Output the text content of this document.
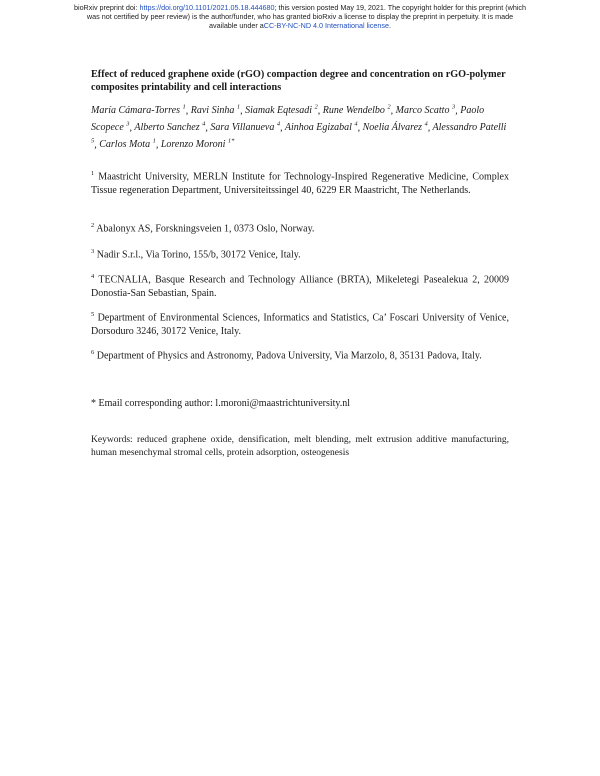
bioRxiv preprint doi: https://doi.org/10.1101/2021.05.18.444680; this version posted May 19, 2021. The copyright holder for this preprint (which
was not certified by peer review) is the author/funder, who has granted bioRxiv a license to display the preprint in perpetuity. It is made
available under aCC-BY-NC-ND 4.0 International license.
Effect of reduced graphene oxide (rGO) compaction degree and concentration on rGO-polymer composites printability and cell interactions
María Cámara-Torres $^1$, Ravi Sinha $^1$, Siamak Eqtesadi $^2$, Rune Wendelbo $^2$, Marco Scatto $^3$, Paolo Scopece $^3$, Alberto Sanchez $^4$, Sara Villanueva $^4$, Ainhoa Egizabal $^4$, Noelia Álvarez $^4$, Alessandro Patelli $^5$, Carlos Mota $^1$, Lorenzo Moroni $^{1*}$
$^1$ Maastricht University, MERLN Institute for Technology-Inspired Regenerative Medicine, Complex Tissue regeneration Department, Universiteitssingel 40, 6229 ER Maastricht, The Netherlands.
$^2$ Abalonyx AS, Forskningsveien 1, 0373 Oslo, Norway.
$^3$ Nadir S.r.l., Via Torino, 155/b, 30172 Venice, Italy.
$^4$ TECNALIA, Basque Research and Technology Alliance (BRTA), Mikeletegi Pasealekua 2, 20009 Donostia-San Sebastian, Spain.
$^5$ Department of Environmental Sciences, Informatics and Statistics, Ca’ Foscari University of Venice, Dorsoduro 3246, 30172 Venice, Italy.
$^6$ Department of Physics and Astronomy, Padova University, Via Marzolo, 8, 35131 Padova, Italy.
* Email corresponding author: l.moroni@maastrichtuniversity.nl
Keywords: reduced graphene oxide, densification, melt blending, melt extrusion additive manufacturing, human mesenchymal stromal cells, protein adsorption, osteogenesis
